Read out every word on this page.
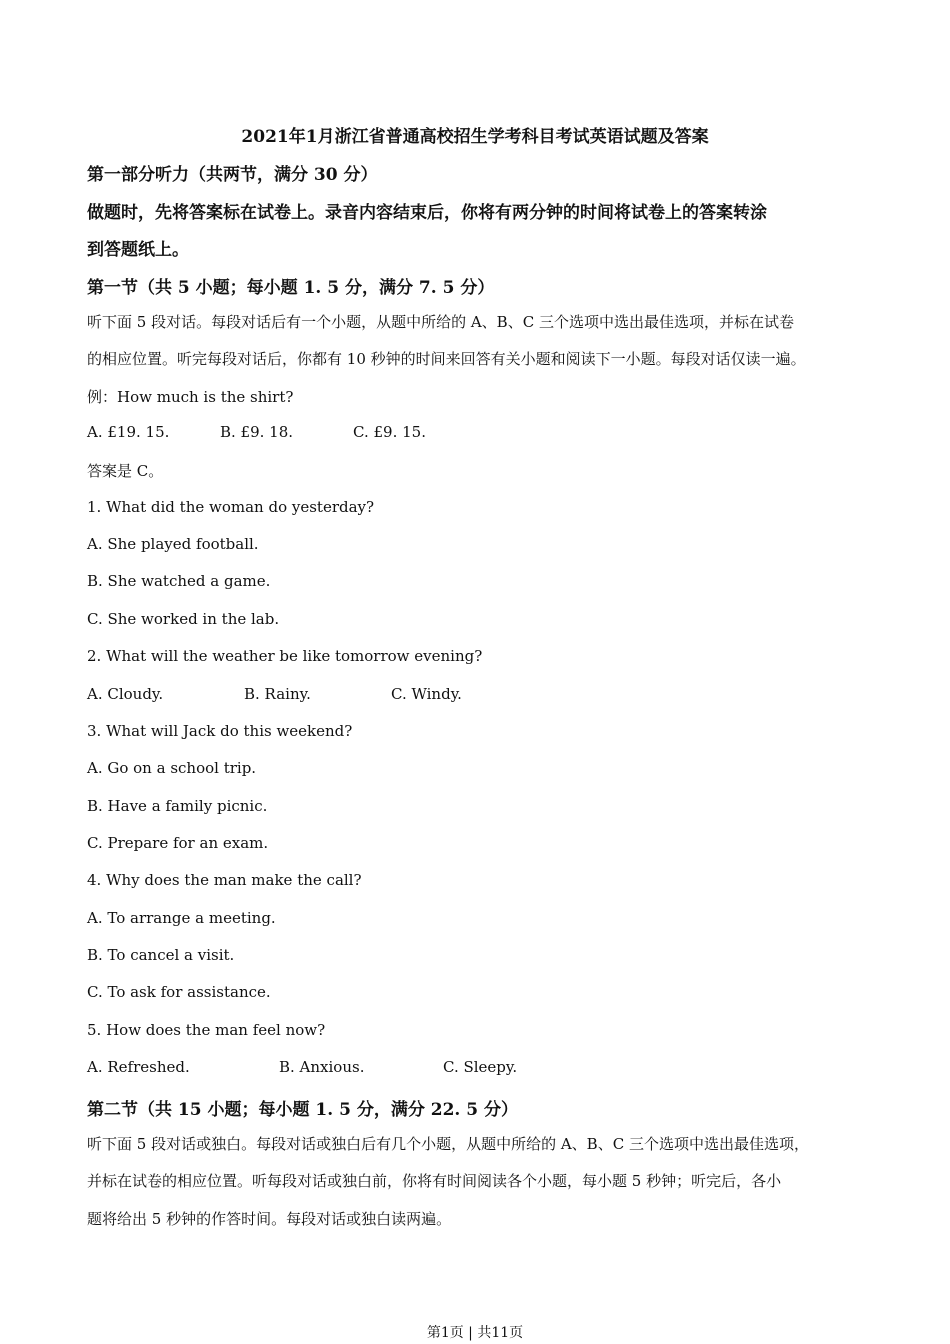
2021年1月浙江省普通高校招生学考科目考试英语试题及答案
第一部分听力（共两节，满分 30 分）
做题时，先将答案标在试卷上。录音内容结束后，你将有两分钟的时间将试卷上的答案转涂
到答题纸上。
第一节（共 5 小题；每小题 1. 5 分，满分 7. 5 分）
听下面 5 段对话。每段对话后有一个小题，从题中所给的 A、B、C 三个选项中选出最佳选项，并标在试卷
的相应位置。听完每段对话后，你都有 10 秒钟的时间来回答有关小题和阅读下一小题。每段对话仅读一遍。
例：How much is the shirt?
A. £19. 15.	B. £9. 18.	C. £9. 15.
答案是 C。
1. What did the woman do yesterday?
A. She played football.
B. She watched a game.
C. She worked in the lab.
2. What will the weather be like tomorrow evening?
A. Cloudy.	B. Rainy.	C. Windy.
3. What will Jack do this weekend?
A. Go on a school trip.
B. Have a family picnic.
C. Prepare for an exam.
4. Why does the man make the call?
A. To arrange a meeting.
B. To cancel a visit.
C. To ask for assistance.
5. How does the man feel now?
A. Refreshed.	B. Anxious.	C. Sleepy.
第二节（共 15 小题；每小题 1. 5 分，满分 22. 5 分）
听下面 5 段对话或独白。每段对话或独白后有几个小题，从题中所给的 A、B、C 三个选项中选出最佳选项，
并标在试卷的相应位置。听每段对话或独白前，你将有时间阅读各个小题，每小题 5 秒钟；听完后，各小
题将给出 5 秒钟的作答时间。每段对话或独白读两遍。
第1页 | 共11页
